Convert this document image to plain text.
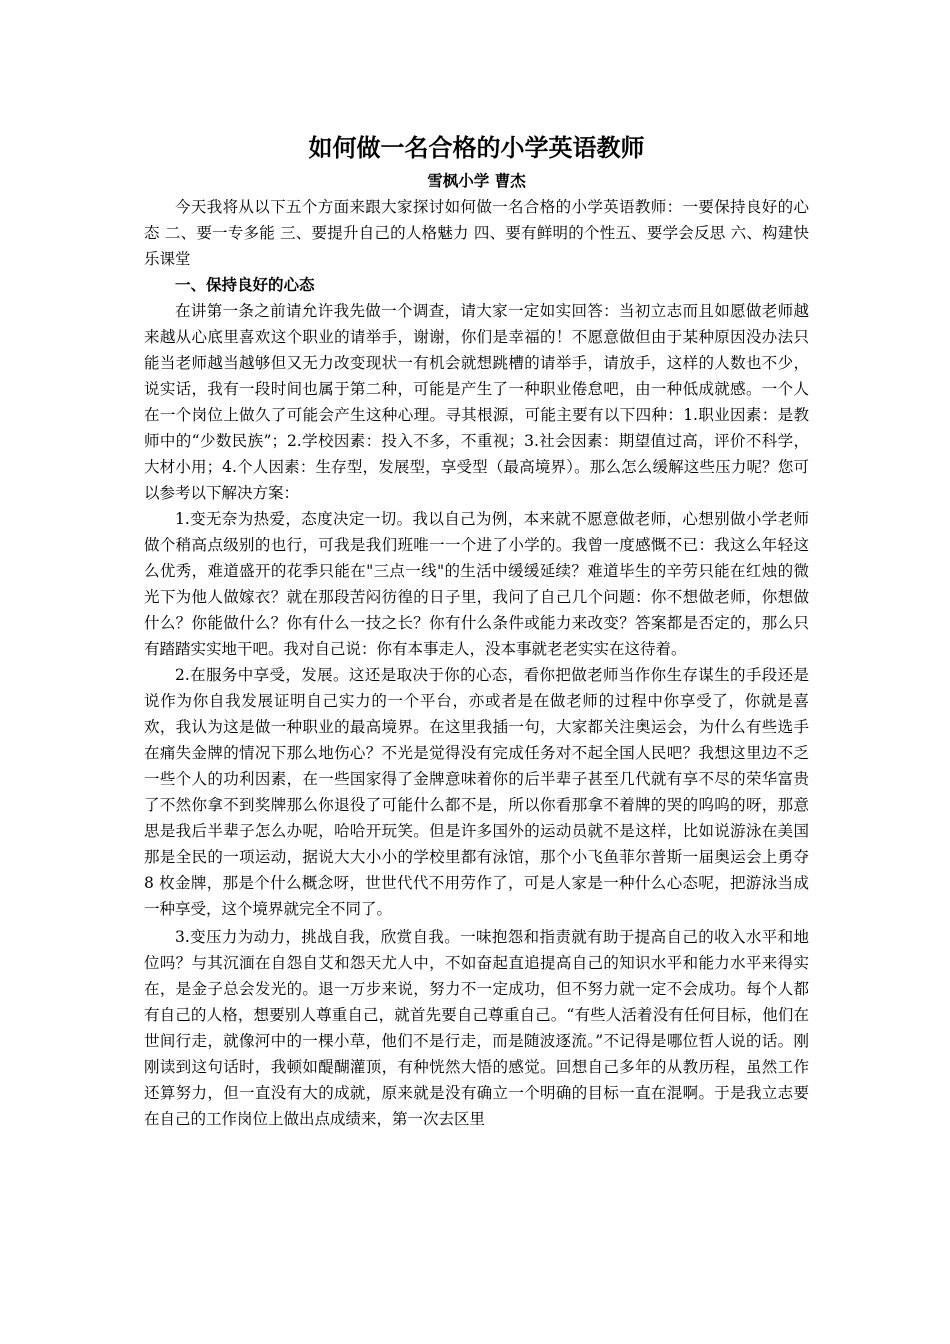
如何做一名合格的小学英语教师

雪枫小学 曹杰

今天我将从以下五个方面来跟大家探讨如何做一名合格的小学英语教师：一要保持良好的心态 二、要一专多能 三、要提升自己的人格魅力 四、要有鲜明的个性五、要学会反思 六、构建快乐课堂

一、保持良好的心态

在讲第一条之前请允许我先做一个调查，请大家一定如实回答：当初立志而且如愿做老师越来越从心底里喜欢这个职业的请举手，谢谢，你们是幸福的！不愿意做但由于某种原因没办法只能当老师越当越够但又无力改变现状一有机会就想跳槽的请举手，请放手，这样的人数也不少，说实话，我有一段时间也属于第二种，可能是产生了一种职业倦怠吧，由一种低成就感。一个人在一个岗位上做久了可能会产生这种心理。寻其根源，可能主要有以下四种：1.职业因素：是教师中的“少数民族”；2.学校因素：投入不多，不重视；3.社会因素：期望值过高，评价不科学，大材小用；4.个人因素：生存型，发展型，享受型（最高境界）。那么怎么缓解这些压力呢？您可以参考以下解决方案：

1.变无奈为热爱，态度决定一切。我以自己为例，本来就不愿意做老师，心想别做小学老师做个稍高点级别的也行，可我是我们班唯一一个进了小学的。我曾一度感慨不已：我这么年轻这么优秀，难道盛开的花季只能在"三点一线"的生活中缓缓延续？难道毕生的辛劳只能在红烛的微光下为他人做嫁衣？就在那段苦闷彷徨的日子里，我问了自己几个问题：你不想做老师，你想做什么？你能做什么？你有什么一技之长？你有什么条件或能力来改变？答案都是否定的，那么只有踏踏实实地干吧。我对自己说：你有本事走人，没本事就老老实实在这待着。

2.在服务中享受，发展。这还是取决于你的心态，看你把做老师当作你生存谋生的手段还是说作为你自我发展证明自己实力的一个平台，亦或者是在做老师的过程中你享受了，你就是喜欢，我认为这是做一种职业的最高境界。在这里我插一句，大家都关注奥运会，为什么有些选手在痛失金牌的情况下那么地伤心？不光是觉得没有完成任务对不起全国人民吧？我想这里边不乏一些个人的功利因素，在一些国家得了金牌意味着你的后半辈子甚至几代就有享不尽的荣华富贵了不然你拿不到奖牌那么你退役了可能什么都不是，所以你看那拿不着牌的哭的呜呜的呀，那意思是我后半辈子怎么办呢，哈哈开玩笑。但是许多国外的运动员就不是这样，比如说游泳在美国那是全民的一项运动，据说大大小小的学校里都有泳馆，那个小飞鱼菲尔普斯一届奥运会上勇夺 8 枚金牌，那是个什么概念呀，世世代代不用劳作了，可是人家是一种什么心态呢，把游泳当成一种享受，这个境界就完全不同了。

3.变压力为动力，挑战自我，欣赏自我。一味抱怨和指责就有助于提高自己的收入水平和地位吗？与其沉湎在自怨自艾和怨天尤人中，不如奋起直追提高自己的知识水平和能力水平来得实在，是金子总会发光的。退一万步来说，努力不一定成功，但不努力就一定不会成功。每个人都有自己的人格，想要别人尊重自己，就首先要自己尊重自己。“有些人活着没有任何目标，他们在世间行走，就像河中的一棵小草，他们不是行走，而是随波逐流。”不记得是哪位哲人说的话。刚刚读到这句话时，我顿如醍醐灌顶，有种恍然大悟的感觉。回想自己多年的从教历程，虽然工作还算努力，但一直没有大的成就，原来就是没有确立一个明确的目标一直在混啊。于是我立志要在自己的工作岗位上做出点成绩来，第一次去区里
